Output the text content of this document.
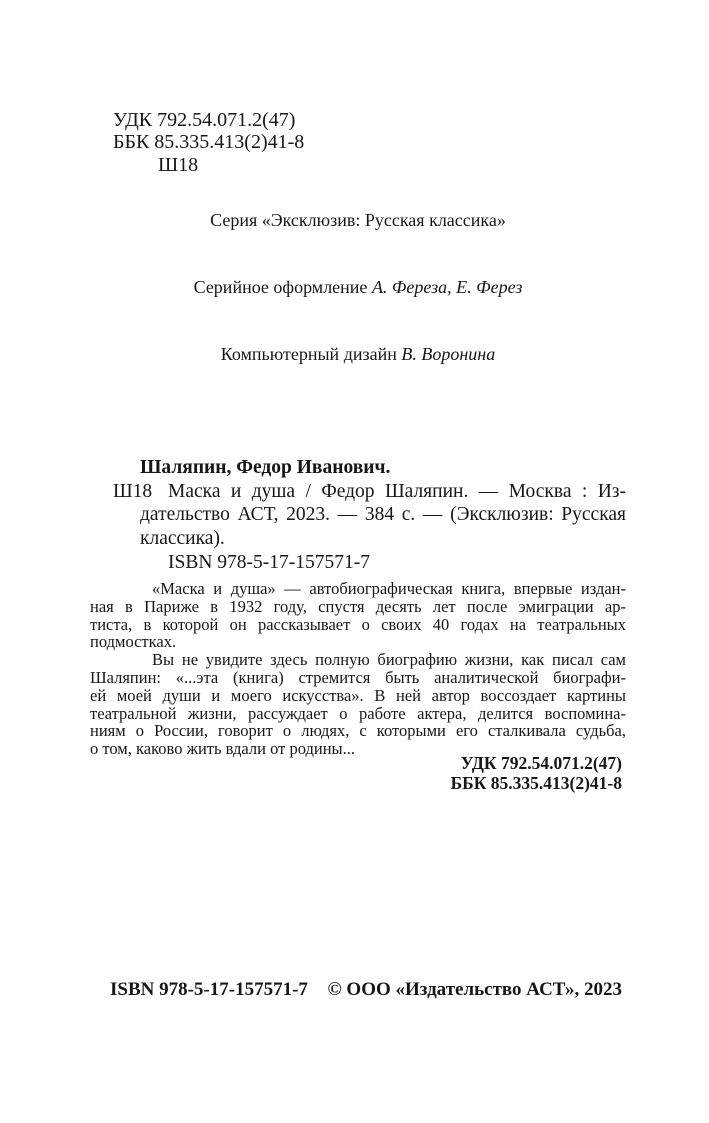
УДК 792.54.071.2(47)
ББК 85.335.413(2)41-8
Ш18
Серия «Эксклюзив: Русская классика»
Серийное оформление А. Фереза, Е. Ферез
Компьютерный дизайн В. Воронина
Шаляпин, Федор Иванович.
Ш18 Маска и душа / Федор Шаляпин. — Москва : Из-
дательство АСТ, 2023. — 384 с. — (Эксклюзив: Русская
классика).
ISBN 978-5-17-157571-7
«Маска и душа» — автобиографическая книга, впервые издан-
ная в Париже в 1932 году, спустя десять лет после эмиграции ар-
тиста, в которой он рассказывает о своих 40 годах на театральных
подмостках.
Вы не увидите здесь полную биографию жизни, как писал сам
Шаляпин: «...эта (книга) стремится быть аналитической биографи-
ей моей души и моего искусства». В ней автор воссоздает картины
театральной жизни, рассуждает о работе актера, делится воспомина-
ниям о России, говорит о людях, с которыми его сталкивала судьба,
о том, каково жить вдали от родины...
УДК 792.54.071.2(47)
ББК 85.335.413(2)41-8
ISBN 978-5-17-157571-7 © ООО «Издательство АСТ», 2023
